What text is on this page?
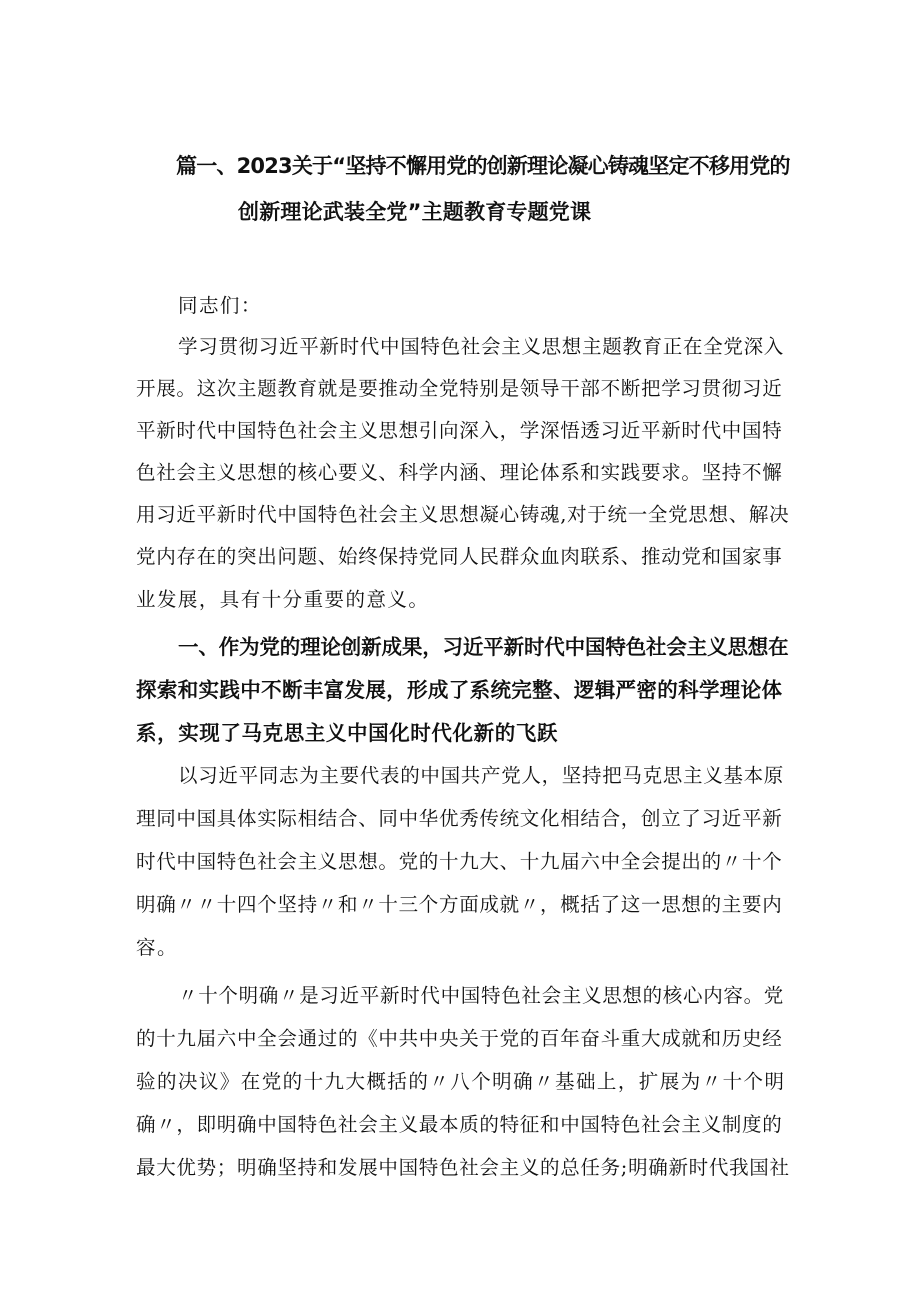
篇一、2023关于“坚持不懈用党的创新理论凝心铸魂坚定不移用党的
创新理论武装全党”主题教育专题党课
同志们：
学习贯彻习近平新时代中国特色社会主义思想主题教育正在全党深入
开展。这次主题教育就是要推动全党特别是领导干部不断把学习贯彻习近
平新时代中国特色社会主义思想引向深入，学深悟透习近平新时代中国特
色社会主义思想的核心要义、科学内涵、理论体系和实践要求。坚持不懈
用习近平新时代中国特色社会主义思想凝心铸魂,对于统一全党思想、解决
党内存在的突出问题、始终保持党同人民群众血肉联系、推动党和国家事
业发展，具有十分重要的意义。
一、作为党的理论创新成果，习近平新时代中国特色社会主义思想在
探索和实践中不断丰富发展，形成了系统完整、逻辑严密的科学理论体
系，实现了马克思主义中国化时代化新的飞跃
以习近平同志为主要代表的中国共产党人，坚持把马克思主义基本原
理同中国具体实际相结合、同中华优秀传统文化相结合，创立了习近平新
时代中国特色社会主义思想。党的十九大、十九届六中全会提出的〃十个
明确〃〃十四个坚持〃和〃十三个方面成就〃，概括了这一思想的主要内
容。
〃十个明确〃是习近平新时代中国特色社会主义思想的核心内容。党
的十九届六中全会通过的《中共中央关于党的百年奋斗重大成就和历史经
验的决议》在党的十九大概括的〃八个明确〃基础上，扩展为〃十个明
确〃，即明确中国特色社会主义最本质的特征和中国特色社会主义制度的
最大优势；明确坚持和发展中国特色社会主义的总任务;明确新时代我国社
